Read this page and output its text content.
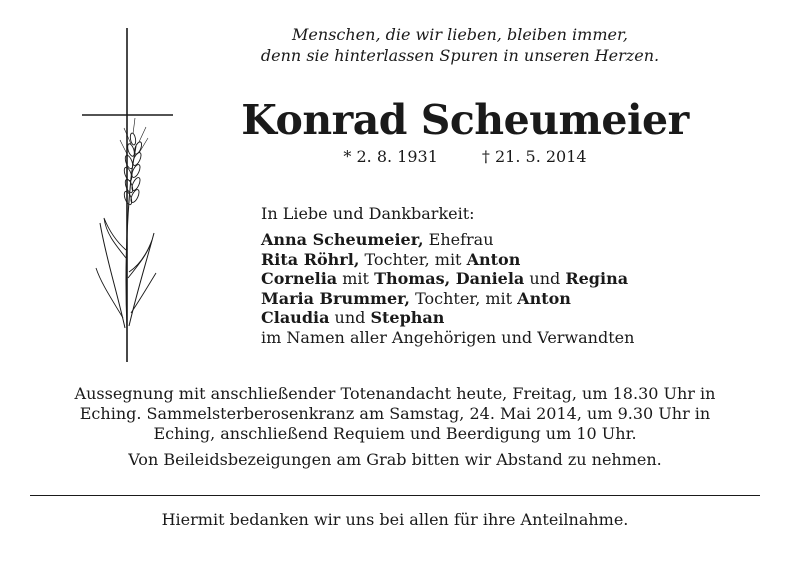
Menschen, die wir lieben, bleiben immer,
denn sie hinterlassen Spuren in unseren Herzen.
Konrad Scheumeier
* 2. 8. 1931	† 21. 5. 2014
In Liebe und Dankbarkeit:
Anna Scheumeier, Ehefrau
Rita Röhrl, Tochter, mit Anton
Cornelia mit Thomas, Daniela und Regina
Maria Brummer, Tochter, mit Anton
Claudia und Stephan
im Namen aller Angehörigen und Verwandten
Aussegnung mit anschließender Totenandacht heute, Freitag, um 18.30 Uhr in
Eching. Sammelsterberosenkranz am Samstag, 24. Mai 2014, um 9.30 Uhr in
Eching, anschließend Requiem und Beerdigung um 10 Uhr.
Von Beileidsbezeigungen am Grab bitten wir Abstand zu nehmen.
Hiermit bedanken wir uns bei allen für ihre Anteilnahme.
